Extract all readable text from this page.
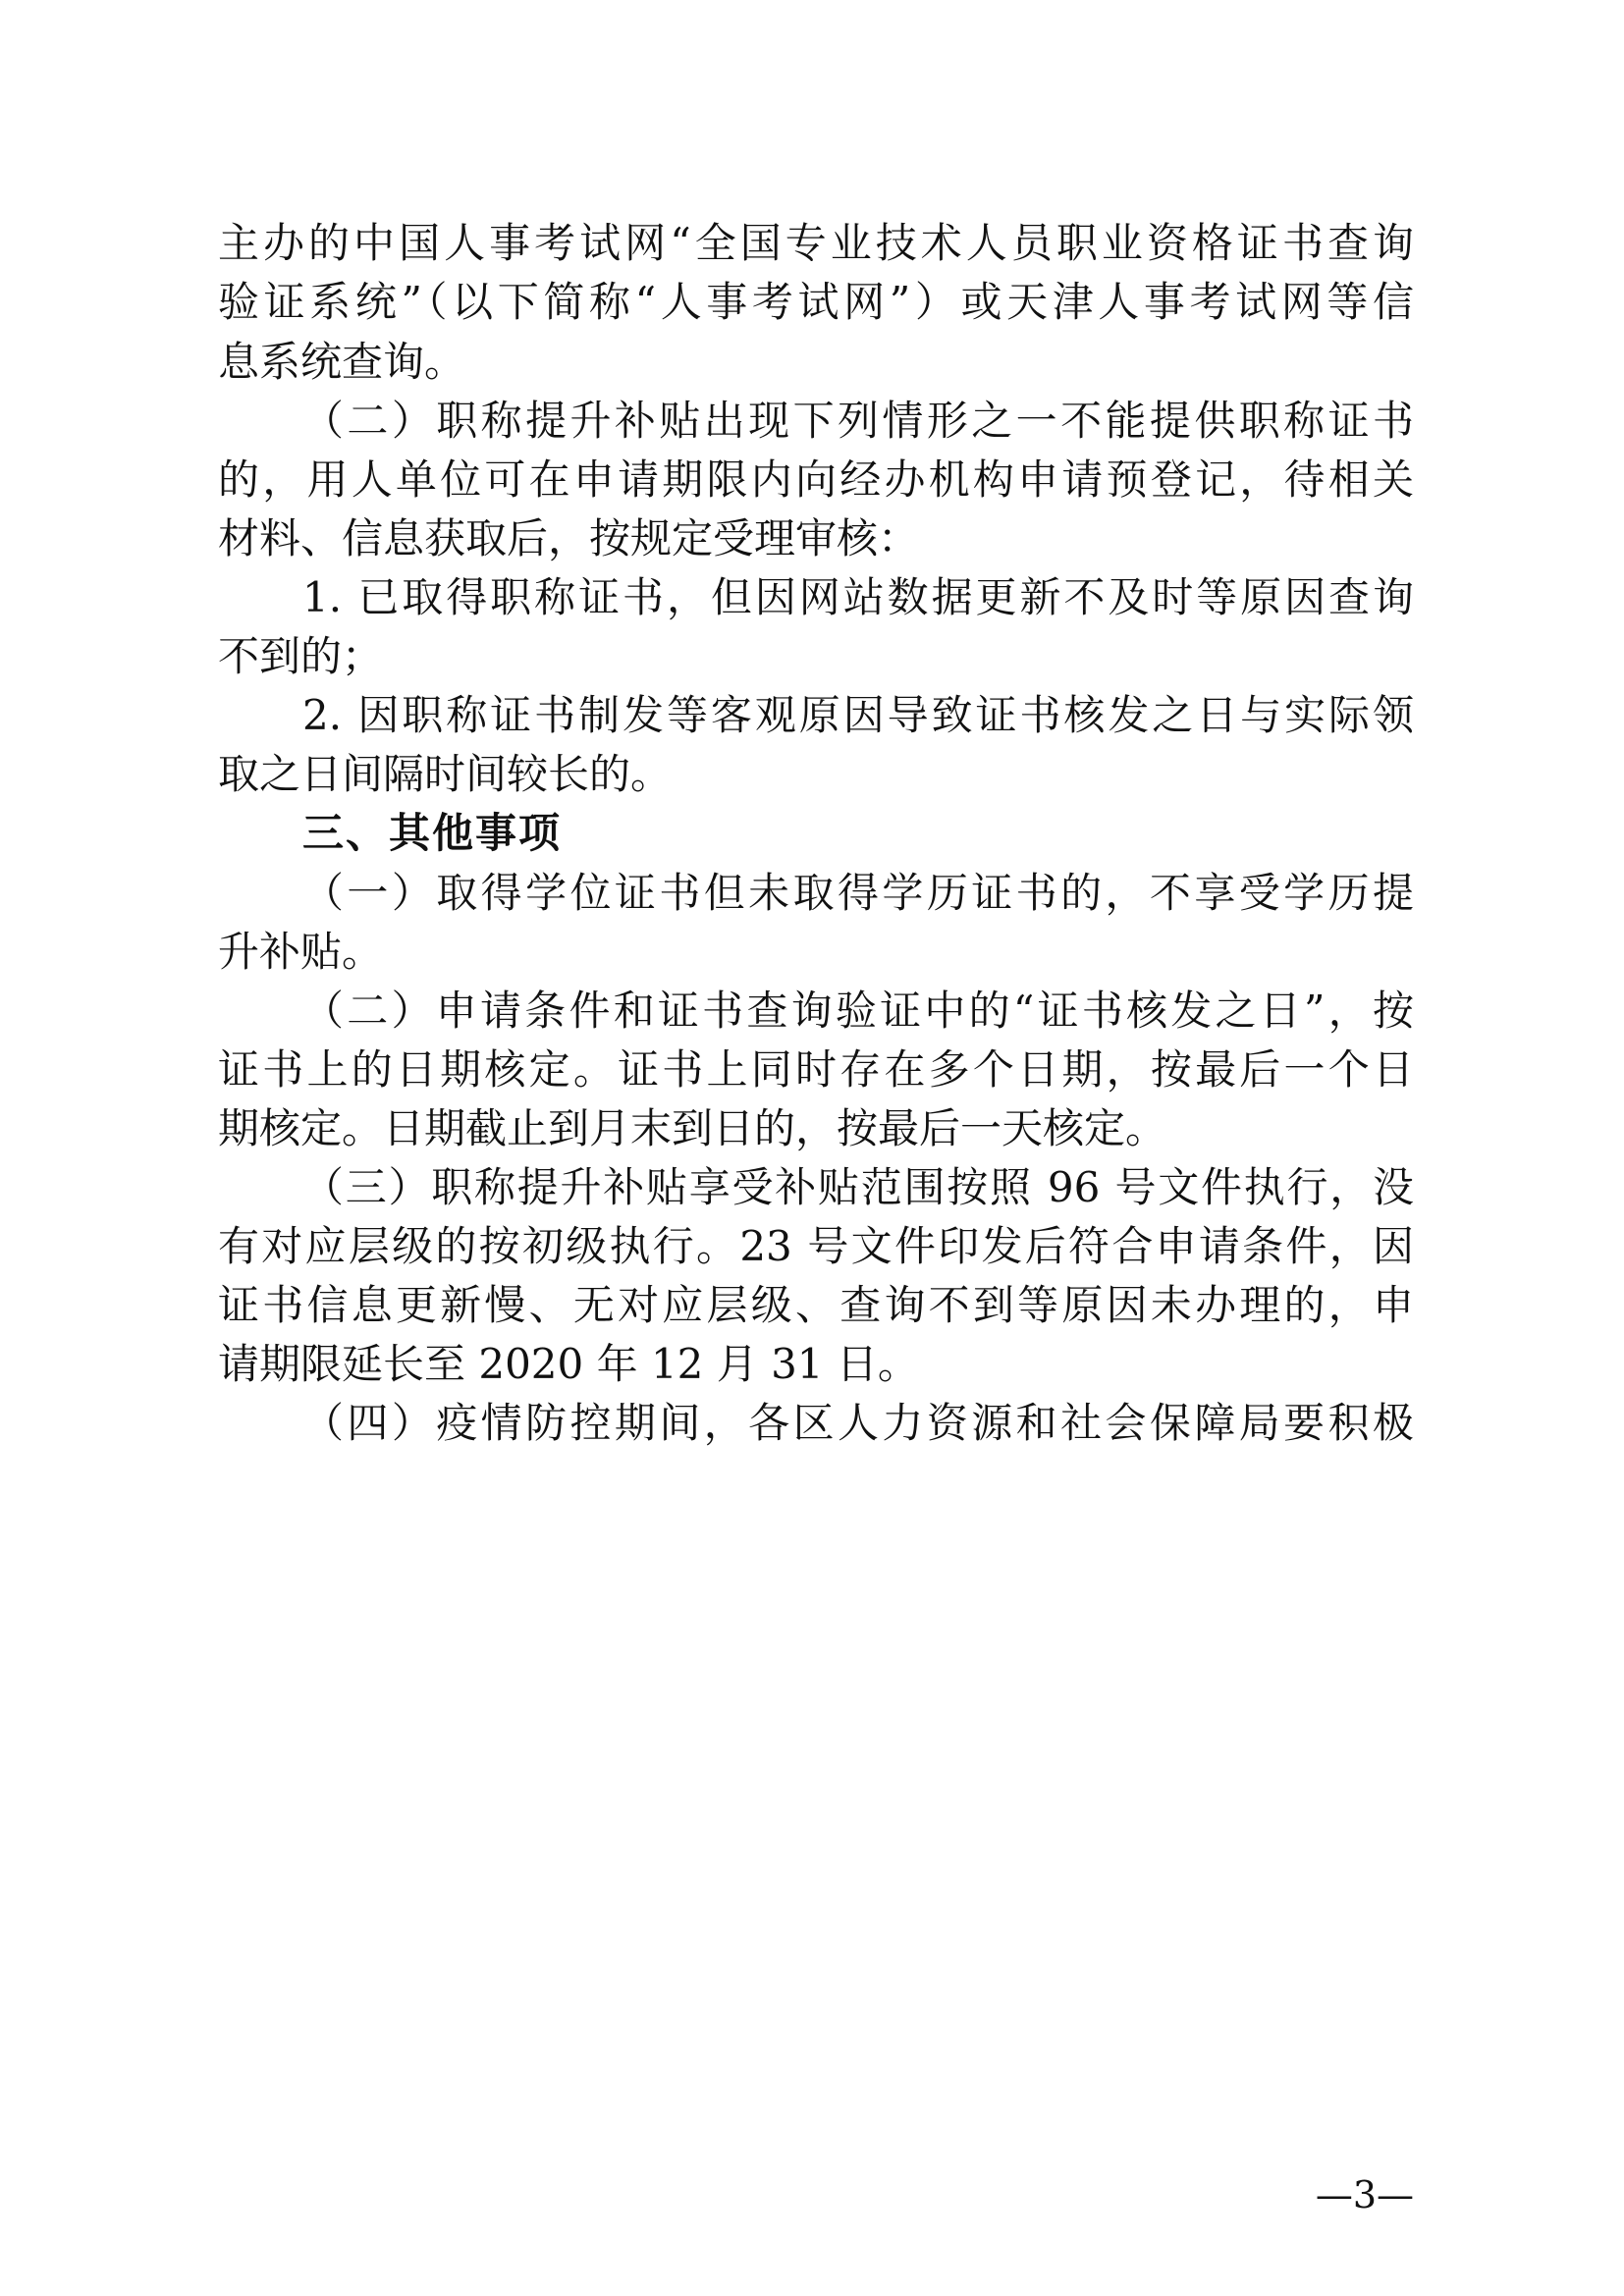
主办的中国人事考试网“全国专业技术人员职业资格证书查询

验证系统”（以下简称“人事考试网”）或天津人事考试网等信

息系统查询。

（二）职称提升补贴出现下列情形之一不能提供职称证书

的，用人单位可在申请期限内向经办机构申请预登记，待相关

材料、信息获取后，按规定受理审核：

1. 已取得职称证书，但因网站数据更新不及时等原因查询

不到的；

2. 因职称证书制发等客观原因导致证书核发之日与实际领

取之日间隔时间较长的。

三、其他事项

（一）取得学位证书但未取得学历证书的，不享受学历提

升补贴。

（二）申请条件和证书查询验证中的“证书核发之日”，按

证书上的日期核定。证书上同时存在多个日期，按最后一个日

期核定。日期截止到月末到日的，按最后一天核定。

（三）职称提升补贴享受补贴范围按照 96 号文件执行，没

有对应层级的按初级执行。23 号文件印发后符合申请条件，因

证书信息更新慢、无对应层级、查询不到等原因未办理的，申

请期限延长至 2020 年 12 月 31 日。

（四）疫情防控期间，各区人力资源和社会保障局要积极

—3—
